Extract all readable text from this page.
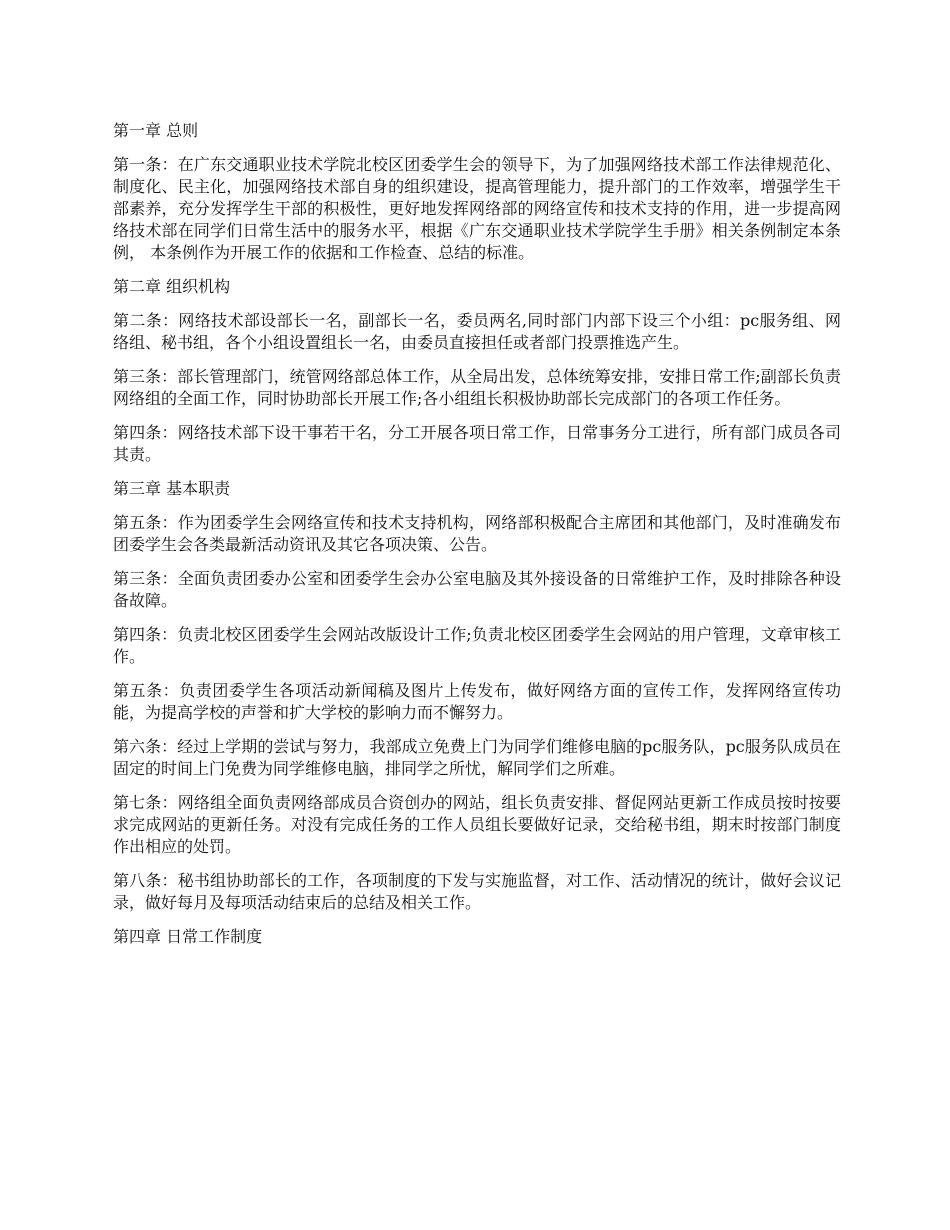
第一章 总则

第一条：在广东交通职业技术学院北校区团委学生会的领导下，为了加强网络技术部工作法律规范化、制度化、民主化，加强网络技术部自身的组织建设，提高管理能力，提升部门的工作效率，增强学生干部素养，充分发挥学生干部的积极性，更好地发挥网络部的网络宣传和技术支持的作用，进一步提高网络技术部在同学们日常生活中的服务水平，根据《广东交通职业技术学院学生手册》相关条例制定本条例， 本条例作为开展工作的依据和工作检查、总结的标准。

第二章 组织机构

第二条：网络技术部设部长一名，副部长一名，委员两名,同时部门内部下设三个小组：pc服务组、网络组、秘书组，各个小组设置组长一名，由委员直接担任或者部门投票推选产生。

第三条：部长管理部门，统管网络部总体工作，从全局出发，总体统筹安排，安排日常工作;副部长负责网络组的全面工作，同时协助部长开展工作;各小组组长积极协助部长完成部门的各项工作任务。

第四条：网络技术部下设干事若干名，分工开展各项日常工作，日常事务分工进行，所有部门成员各司其责。

第三章 基本职责

第五条：作为团委学生会网络宣传和技术支持机构，网络部积极配合主席团和其他部门，及时准确发布团委学生会各类最新活动资讯及其它各项决策、公告。

第三条：全面负责团委办公室和团委学生会办公室电脑及其外接设备的日常维护工作，及时排除各种设备故障。

第四条：负责北校区团委学生会网站改版设计工作;负责北校区团委学生会网站的用户管理，文章审核工作。

第五条：负责团委学生各项活动新闻稿及图片上传发布，做好网络方面的宣传工作，发挥网络宣传功能，为提高学校的声誉和扩大学校的影响力而不懈努力。

第六条：经过上学期的尝试与努力，我部成立免费上门为同学们维修电脑的pc服务队，pc服务队成员在固定的时间上门免费为同学维修电脑，排同学之所忧，解同学们之所难。

第七条：网络组全面负责网络部成员合资创办的网站，组长负责安排、督促网站更新工作成员按时按要求完成网站的更新任务。对没有完成任务的工作人员组长要做好记录，交给秘书组，期末时按部门制度作出相应的处罚。

第八条：秘书组协助部长的工作，各项制度的下发与实施监督，对工作、活动情况的统计，做好会议记录，做好每月及每项活动结束后的总结及相关工作。

第四章 日常工作制度
